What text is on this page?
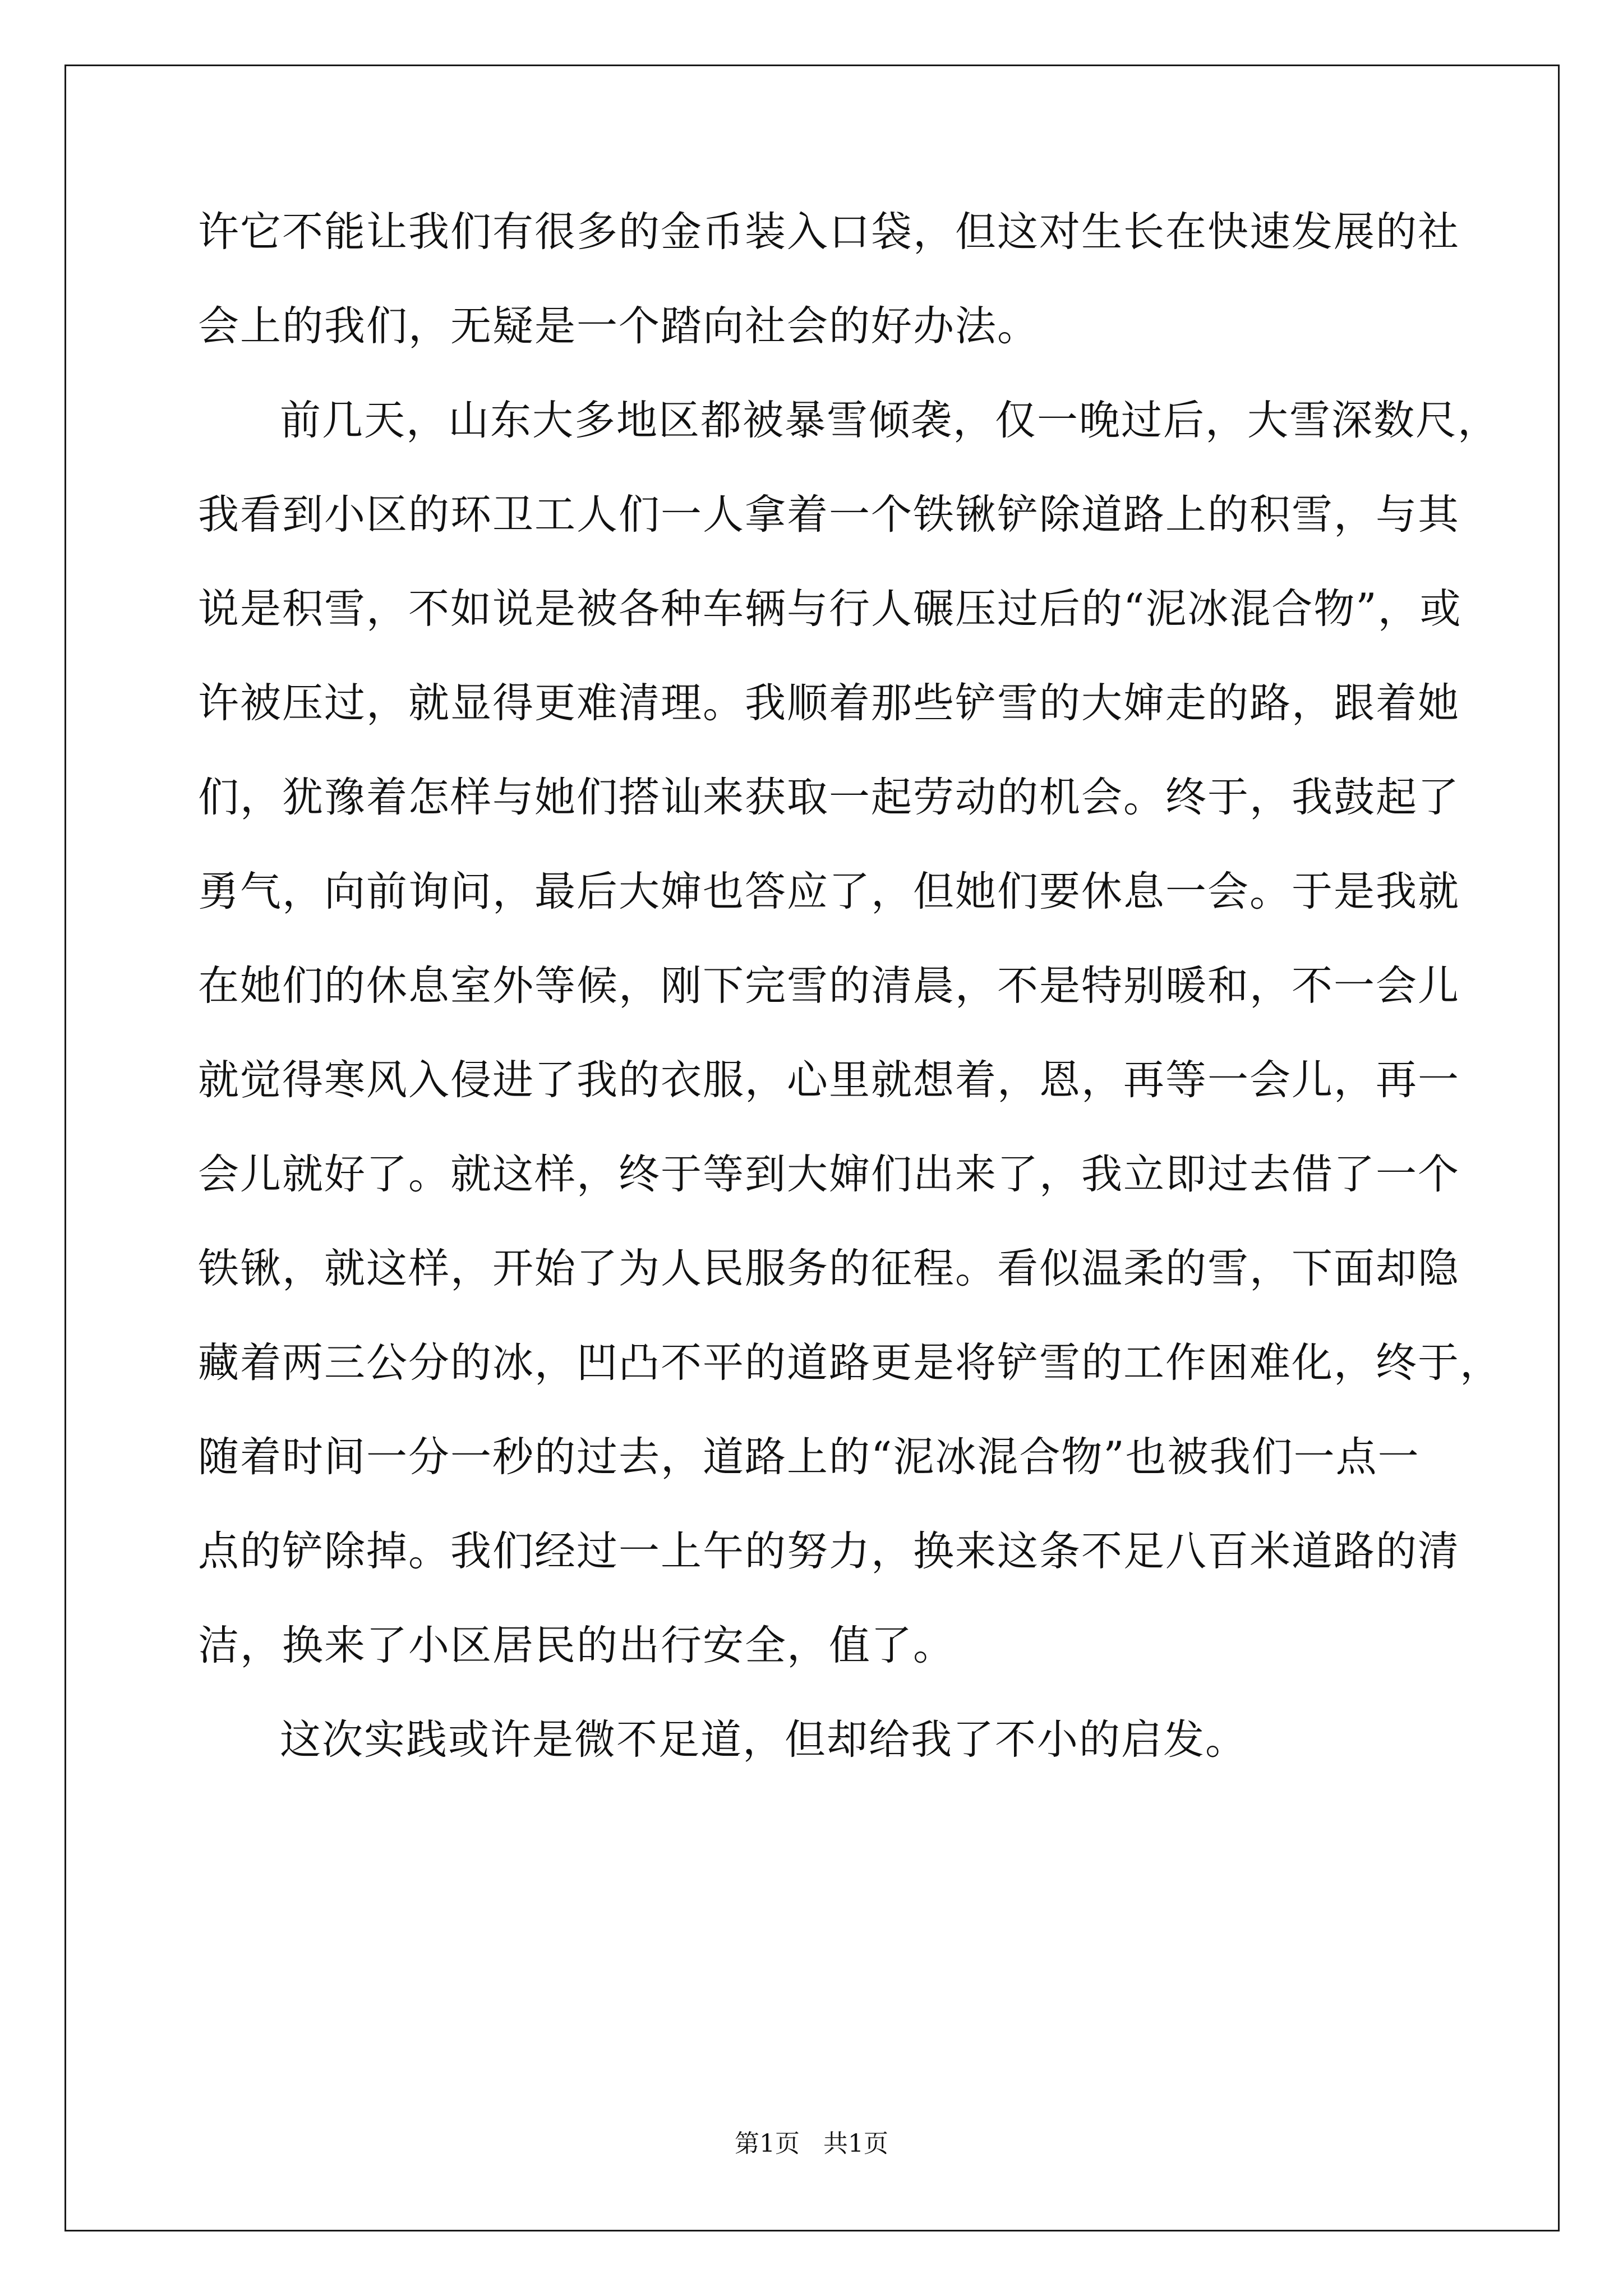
许它不能让我们有很多的金币装入口袋，但这对生长在快速发展的社
会上的我们，无疑是一个踏向社会的好办法。
前几天，山东大多地区都被暴雪倾袭，仅一晚过后，大雪深数尺，
我看到小区的环卫工人们一人拿着一个铁锹铲除道路上的积雪，与其
说是积雪，不如说是被各种车辆与行人碾压过后的“泥冰混合物”，或
许被压过，就显得更难清理。我顺着那些铲雪的大婶走的路，跟着她
们，犹豫着怎样与她们搭讪来获取一起劳动的机会。终于，我鼓起了
勇气，向前询问，最后大婶也答应了，但她们要休息一会。于是我就
在她们的休息室外等候，刚下完雪的清晨，不是特别暖和，不一会儿
就觉得寒风入侵进了我的衣服，心里就想着，恩，再等一会儿，再一
会儿就好了。就这样，终于等到大婶们出来了，我立即过去借了一个
铁锹，就这样，开始了为人民服务的征程。看似温柔的雪，下面却隐
藏着两三公分的冰，凹凸不平的道路更是将铲雪的工作困难化，终于，
随着时间一分一秒的过去，道路上的“泥冰混合物”也被我们一点一
点的铲除掉。我们经过一上午的努力，换来这条不足八百米道路的清
洁，换来了小区居民的出行安全，值了。
这次实践或许是微不足道，但却给我了不小的启发。
第1页   共1页
